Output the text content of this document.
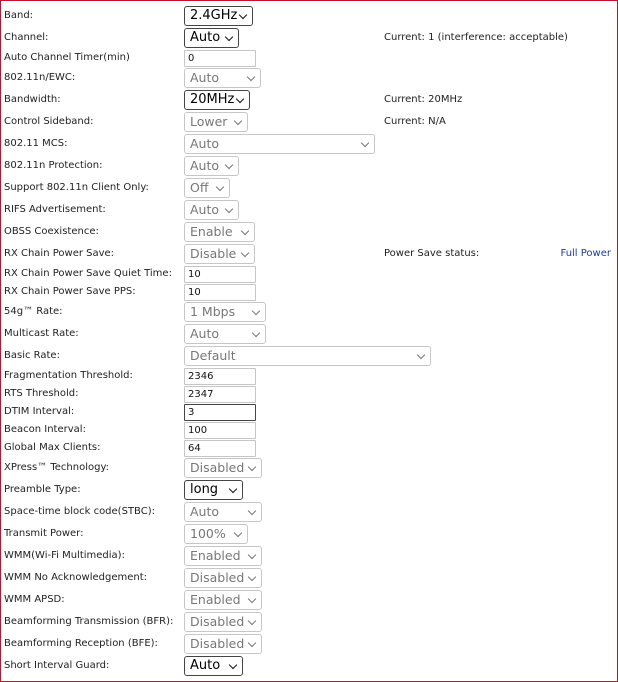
Band:	2.4GHz
Channel:	Auto	Current: 1 (interference: acceptable)
Auto Channel Timer(min)	0
802.11n/EWC:	Auto
Bandwidth:	20MHz	Current: 20MHz
Control Sideband:	Lower	Current: N/A
802.11 MCS:	Auto
802.11n Protection:	Auto
Support 802.11n Client Only:	Off
RIFS Advertisement:	Auto
OBSS Coexistence:	Enable
RX Chain Power Save:	Disable	Power Save status:	Full Power
RX Chain Power Save Quiet Time:	10
RX Chain Power Save PPS:	10
54g™ Rate:	1 Mbps
Multicast Rate:	Auto
Basic Rate:	Default
Fragmentation Threshold:	2346
RTS Threshold:	2347
DTIM Interval:	3
Beacon Interval:	100
Global Max Clients:	64
XPress™ Technology:	Disabled
Preamble Type:	long
Space-time block code(STBC):	Auto
Transmit Power:	100%
WMM(Wi-Fi Multimedia):	Enabled
WMM No Acknowledgement:	Disabled
WMM APSD:	Enabled
Beamforming Transmission (BFR):	Disabled
Beamforming Reception (BFE):	Disabled
Short Interval Guard:	Auto
